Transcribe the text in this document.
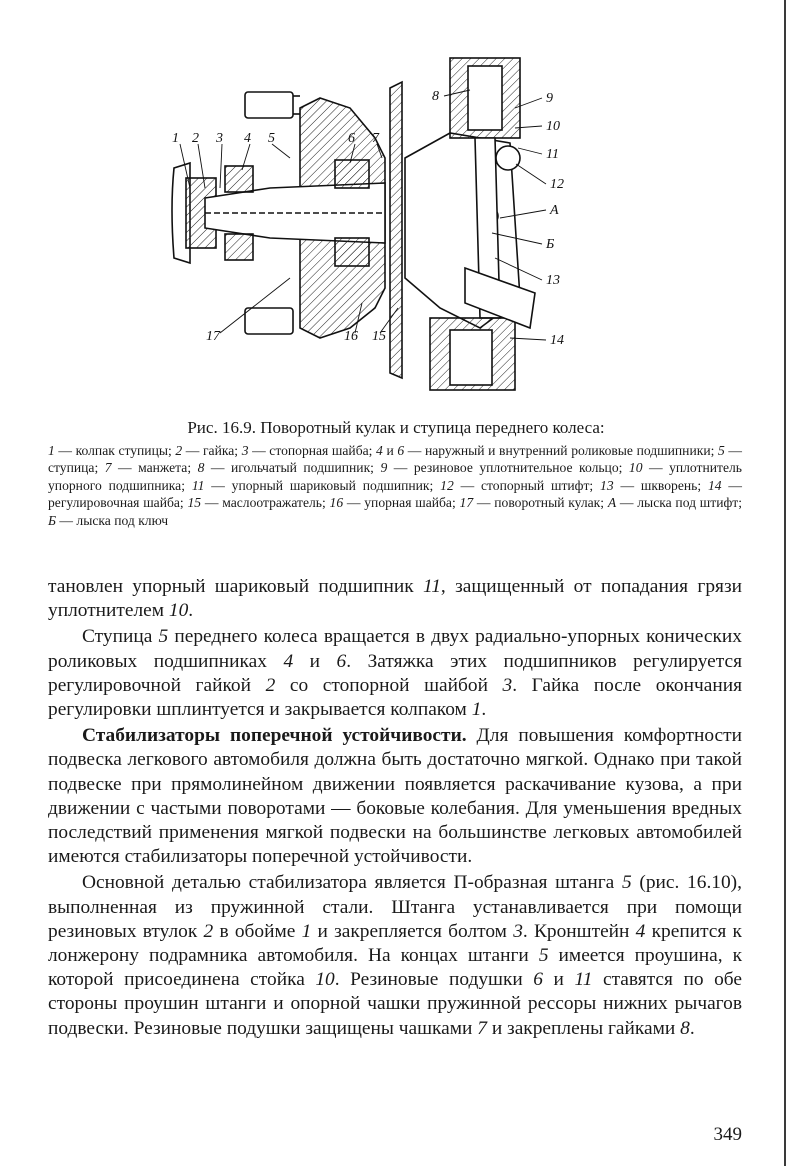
1 2 3 4 5	6 7
8	9
10
11
12
А
Б
13
14
15
16
17
Рис. 16.9. Поворотный кулак и ступица переднего колеса:

1 — колпак ступицы; 2 — гайка; 3 — стопорная шайба; 4 и 6 — наружный и внутренний роликовые подшипники; 5 — ступица; 7 — манжета; 8 — игольчатый подшипник; 9 — резиновое уплотнительное кольцо; 10 — уплотнитель упорного подшипника; 11 — упорный шариковый подшипник; 12 — стопорный штифт; 13 — шкворень; 14 — регулировочная шайба; 15 — маслоотражатель; 16 — упорная шайба; 17 — поворотный кулак; А — лыска под штифт; Б — лыска под ключ

тановлен упорный шариковый подшипник 11, защищенный от попадания грязи уплотнителем 10.

Ступица 5 переднего колеса вращается в двух радиально-упорных конических роликовых подшипниках 4 и 6. Затяжка этих подшипников регулируется регулировочной гайкой 2 со стопорной шайбой 3. Гайка после окончания регулировки шплинтуется и закрывается колпаком 1.

Стабилизаторы поперечной устойчивости. Для повышения комфортности подвеска легкового автомобиля должна быть достаточно мягкой. Однако при такой подвеске при прямолинейном движении появляется раскачивание кузова, а при движении с частыми поворотами — боковые колебания. Для уменьшения вредных последствий применения мягкой подвески на большинстве легковых автомобилей имеются стабилизаторы поперечной устойчивости.

Основной деталью стабилизатора является П-образная штанга 5 (рис. 16.10), выполненная из пружинной стали. Штанга устанавливается при помощи резиновых втулок 2 в обойме 1 и закрепляется болтом 3. Кронштейн 4 крепится к лонжерону подрамника автомобиля. На концах штанги 5 имеется проушина, к которой присоединена стойка 10. Резиновые подушки 6 и 11 ставятся по обе стороны проушин штанги и опорной чашки пружинной рессоры нижних рычагов подвески. Резиновые подушки защищены чашками 7 и закреплены гайками 8.

349
